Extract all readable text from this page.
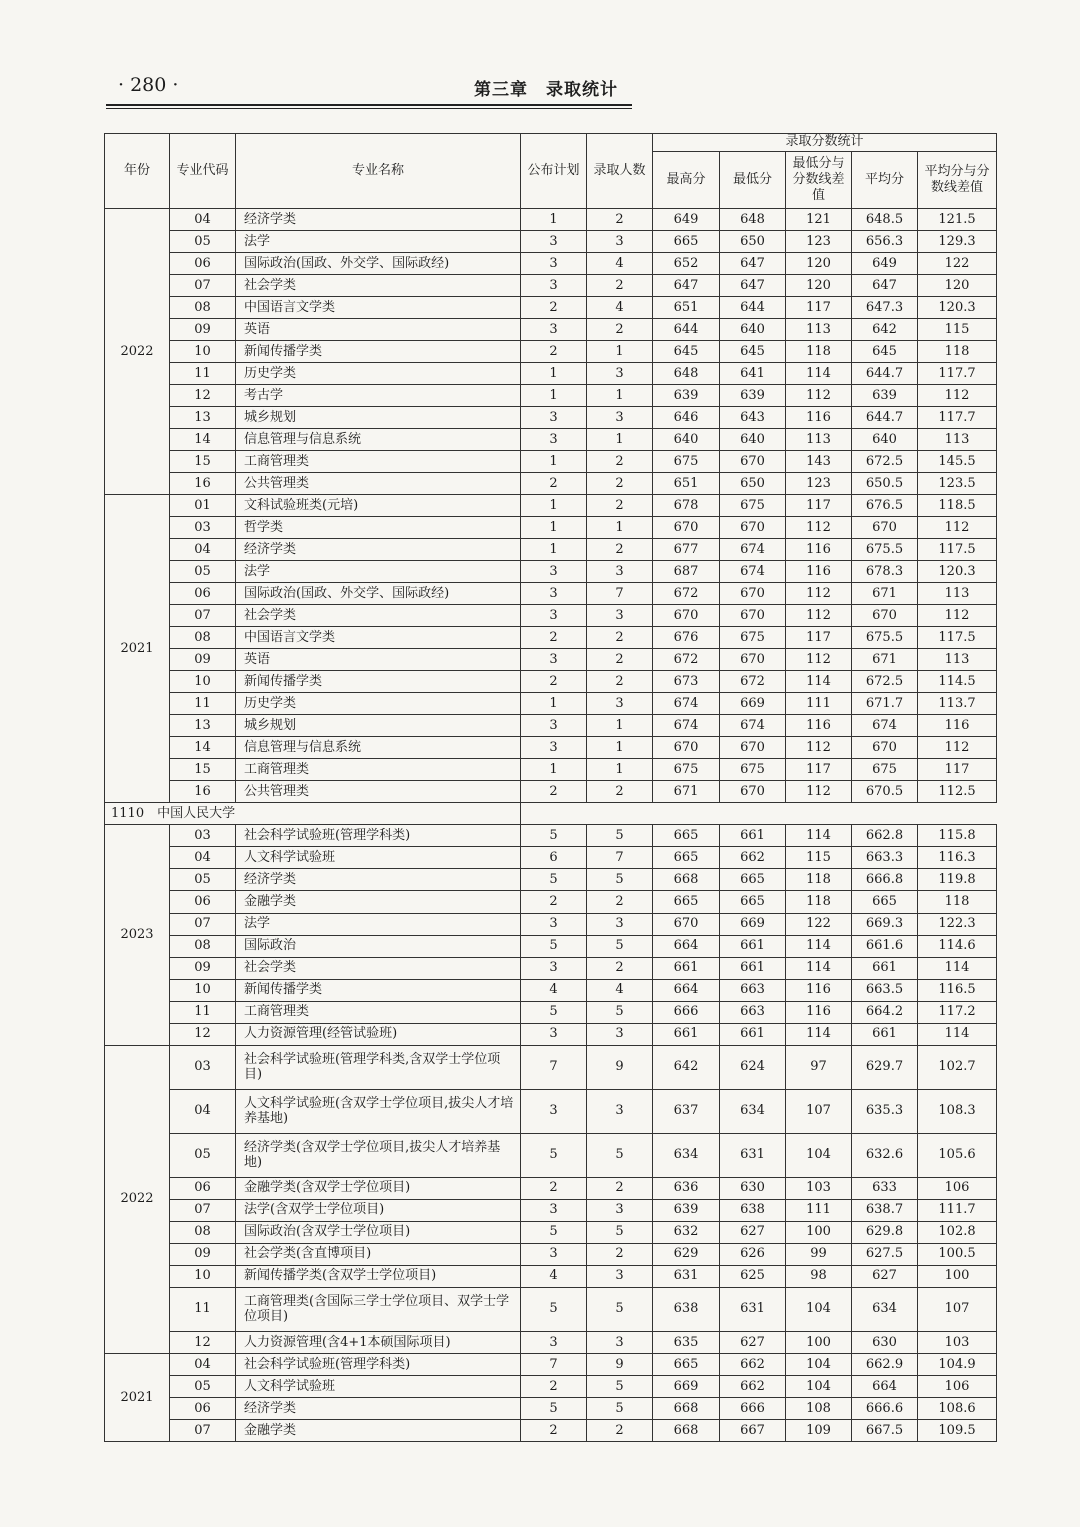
· 280 ·	第三章　录取统计
年份	专业代码	专业名称	公布计划	录取人数	录取分数统计				
					最高分	最低分	最低分与分数线差值	平均分	平均分与分数线差值
2022	04	经济学类	1	2	649	648	121	648.5	121.5
	05	法学	3	3	665	650	123	656.3	129.3
	06	国际政治(国政、外交学、国际政经)	3	4	652	647	120	649	122
	07	社会学类	3	2	647	647	120	647	120
	08	中国语言文学类	2	4	651	644	117	647.3	120.3
	09	英语	3	2	644	640	113	642	115
	10	新闻传播学类	2	1	645	645	118	645	118
	11	历史学类	1	3	648	641	114	644.7	117.7
	12	考古学	1	1	639	639	112	639	112
	13	城乡规划	3	3	646	643	116	644.7	117.7
	14	信息管理与信息系统	3	1	640	640	113	640	113
	15	工商管理类	1	2	675	670	143	672.5	145.5
	16	公共管理类	2	2	651	650	123	650.5	123.5
2021	01	文科试验班类(元培)	1	2	678	675	117	676.5	118.5
	03	哲学类	1	1	670	670	112	670	112
	04	经济学类	1	2	677	674	116	675.5	117.5
	05	法学	3	3	687	674	116	678.3	120.3
	06	国际政治(国政、外交学、国际政经)	3	7	672	670	112	671	113
	07	社会学类	3	3	670	670	112	670	112
	08	中国语言文学类	2	2	676	675	117	675.5	117.5
	09	英语	3	2	672	670	112	671	113
	10	新闻传播学类	2	2	673	672	114	672.5	114.5
	11	历史学类	1	3	674	669	111	671.7	113.7
	13	城乡规划	3	1	674	674	116	674	116
	14	信息管理与信息系统	3	1	670	670	112	670	112
	15	工商管理类	1	1	675	675	117	675	117
	16	公共管理类	2	2	671	670	112	670.5	112.5
1110　中国人民大学									
2023	03	社会科学试验班(管理学科类)	5	5	665	661	114	662.8	115.8
	04	人文科学试验班	6	7	665	662	115	663.3	116.3
	05	经济学类	5	5	668	665	118	666.8	119.8
	06	金融学类	2	2	665	665	118	665	118
	07	法学	3	3	670	669	122	669.3	122.3
	08	国际政治	5	5	664	661	114	661.6	114.6
	09	社会学类	3	2	661	661	114	661	114
	10	新闻传播学类	4	4	664	663	116	663.5	116.5
	11	工商管理类	5	5	666	663	116	664.2	117.2
	12	人力资源管理(经管试验班)	3	3	661	661	114	661	114
2022	03	社会科学试验班(管理学科类,含双学士学位项目)	7	9	642	624	97	629.7	102.7
	04	人文科学试验班(含双学士学位项目,拔尖人才培养基地)	3	3	637	634	107	635.3	108.3
	05	经济学类(含双学士学位项目,拔尖人才培养基地)	5	5	634	631	104	632.6	105.6
	06	金融学类(含双学士学位项目)	2	2	636	630	103	633	106
	07	法学(含双学士学位项目)	3	3	639	638	111	638.7	111.7
	08	国际政治(含双学士学位项目)	5	5	632	627	100	629.8	102.8
	09	社会学类(含直博项目)	3	2	629	626	99	627.5	100.5
	10	新闻传播学类(含双学士学位项目)	4	3	631	625	98	627	100
	11	工商管理类(含国际三学士学位项目、双学士学位项目)	5	5	638	631	104	634	107
	12	人力资源管理(含4+1本硕国际项目)	3	3	635	627	100	630	103
2021	04	社会科学试验班(管理学科类)	7	9	665	662	104	662.9	104.9
	05	人文科学试验班	2	5	669	662	104	664	106
	06	经济学类	5	5	668	666	108	666.6	108.6
	07	金融学类	2	2	668	667	109	667.5	109.5
